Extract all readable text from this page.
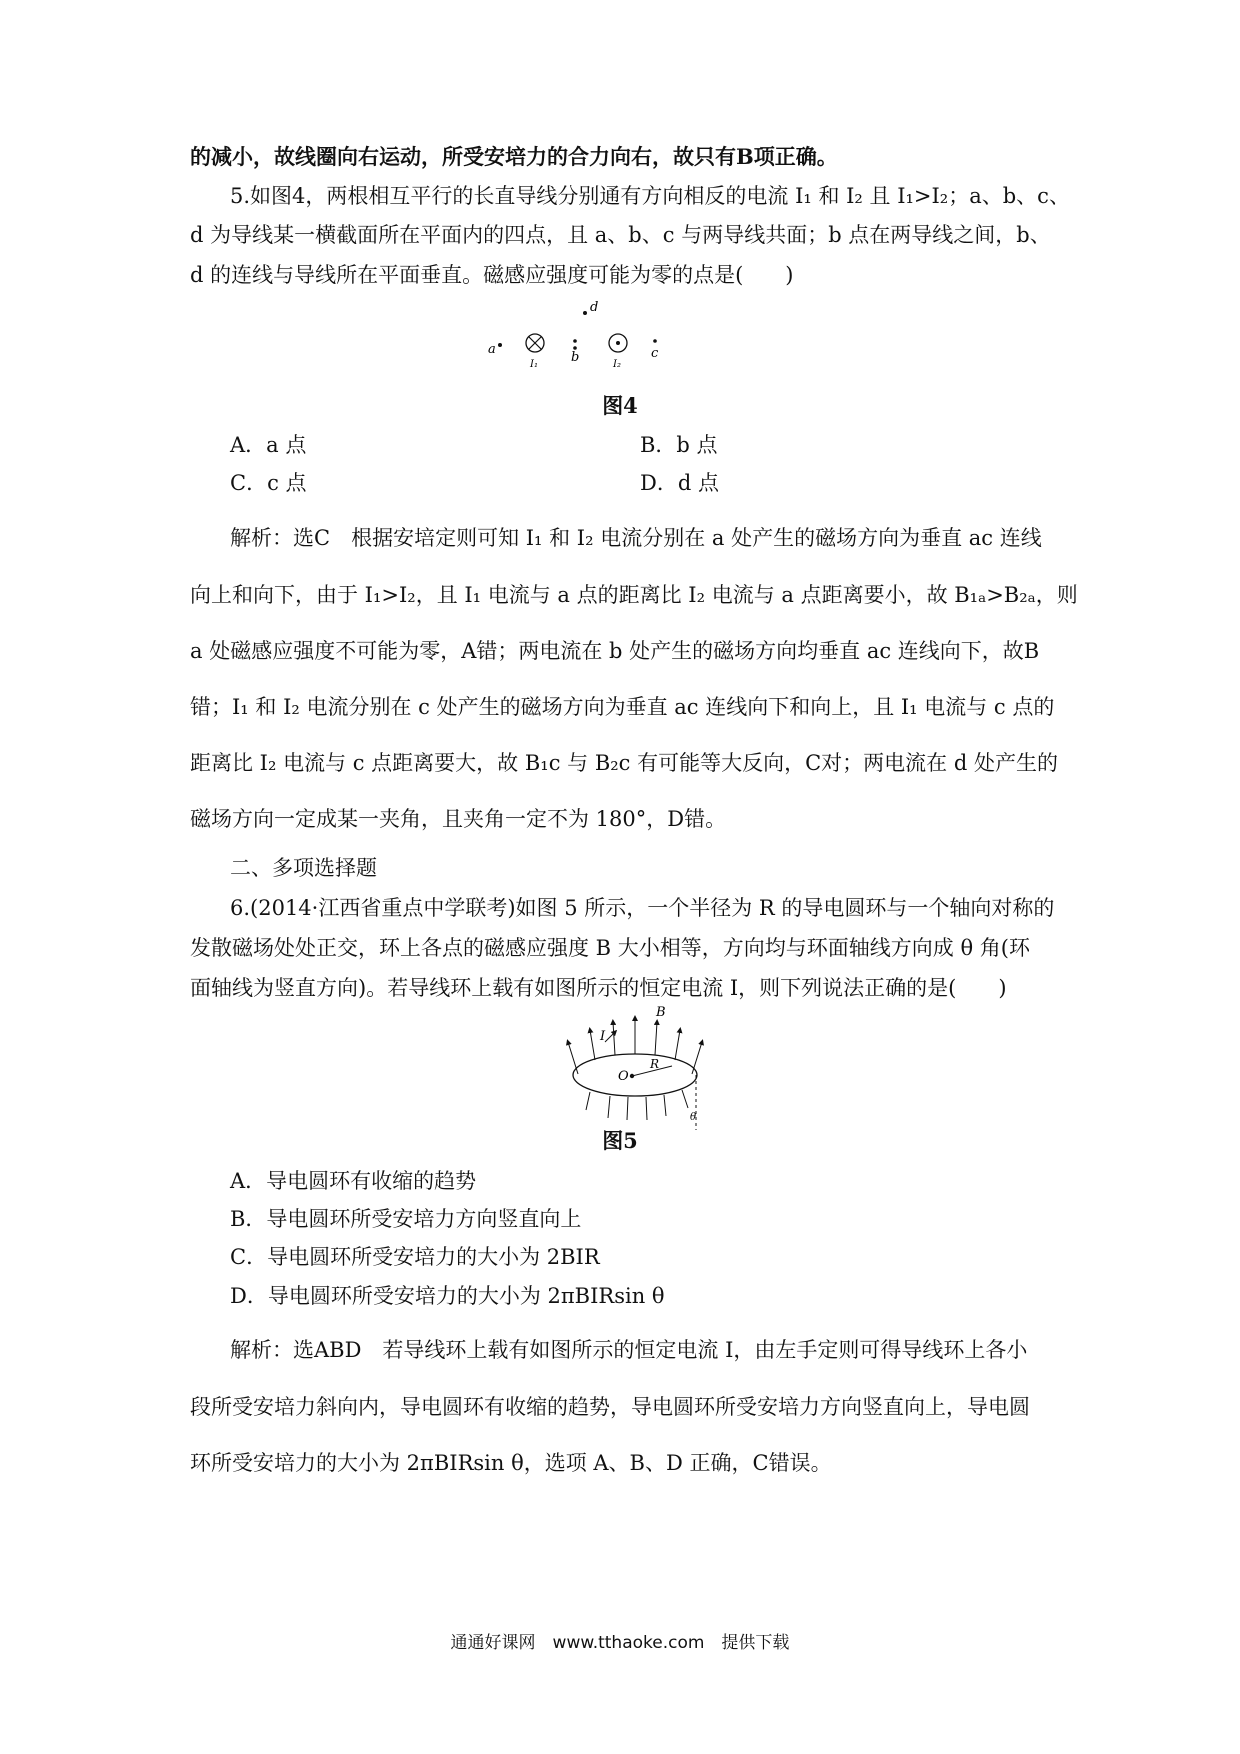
的减小，故线圈向右运动，所受安培力的合力向右，故只有B项正确。
5.如图4，两根相互平行的长直导线分别通有方向相反的电流 I₁ 和 I₂ 且 I₁>I₂；a、b、c、
d 为导线某一横截面所在平面内的四点，且 a、b、c 与两导线共面；b 点在两导线之间，b、
d 的连线与导线所在平面垂直。磁感应强度可能为零的点是(　　)
d
a
I₁	b	I₂
c
图4
A．a 点	B．b 点
C．c 点	D．d 点
解析：选C　根据安培定则可知 I₁ 和 I₂ 电流分别在 a 处产生的磁场方向为垂直 ac 连线
向上和向下，由于 I₁>I₂，且 I₁ 电流与 a 点的距离比 I₂ 电流与 a 点距离要小，故 B₁ₐ>B₂ₐ，则
a 处磁感应强度不可能为零，A错；两电流在 b 处产生的磁场方向均垂直 ac 连线向下，故B
错；I₁ 和 I₂ 电流分别在 c 处产生的磁场方向为垂直 ac 连线向下和向上，且 I₁ 电流与 c 点的
距离比 I₂ 电流与 c 点距离要大，故 B₁c 与 B₂c 有可能等大反向，C对；两电流在 d 处产生的
磁场方向一定成某一夹角，且夹角一定不为 180°，D错。
二、多项选择题
6.(2014·江西省重点中学联考)如图 5 所示，一个半径为 R 的导电圆环与一个轴向对称的
发散磁场处处正交，环上各点的磁感应强度 B 大小相等，方向均与环面轴线方向成 θ 角(环
面轴线为竖直方向)。若导线环上载有如图所示的恒定电流 I，则下列说法正确的是(　　)
B
I
O
R
θ
图5
A．导电圆环有收缩的趋势
B．导电圆环所受安培力方向竖直向上
C．导电圆环所受安培力的大小为 2BIR
D．导电圆环所受安培力的大小为 2πBIRsin θ
解析：选ABD　若导线环上载有如图所示的恒定电流 I，由左手定则可得导线环上各小
段所受安培力斜向内，导电圆环有收缩的趋势，导电圆环所受安培力方向竖直向上，导电圆
环所受安培力的大小为 2πBIRsin θ，选项 A、B、D 正确，C错误。
通通好课网　www.tthaoke.com　提供下载
